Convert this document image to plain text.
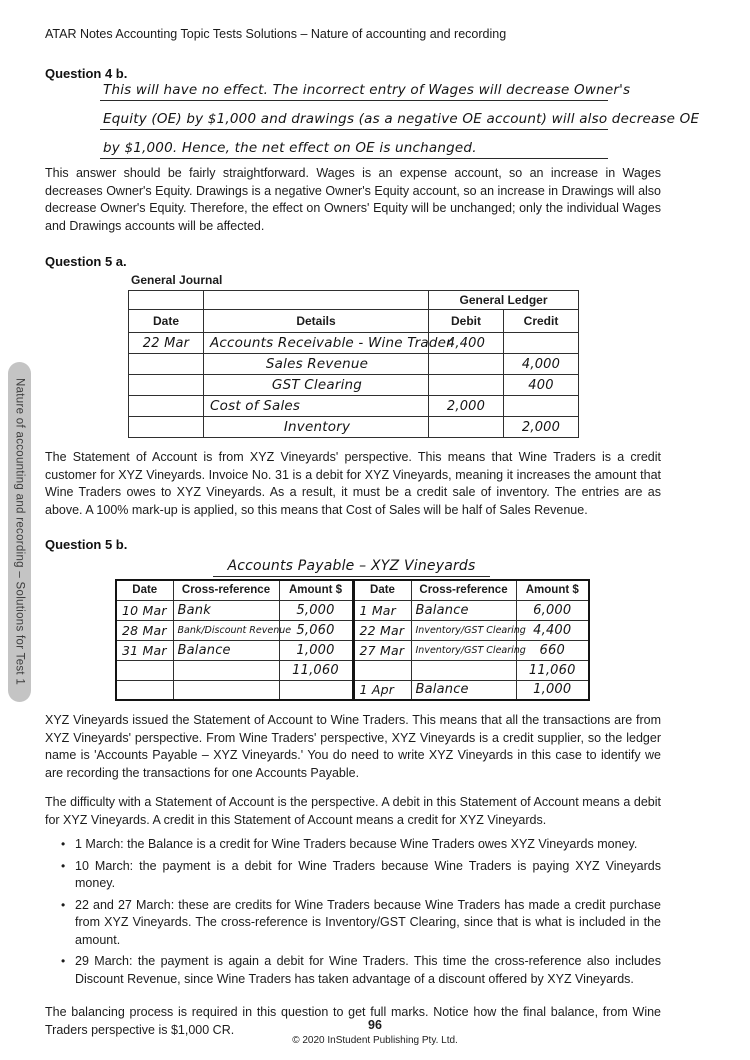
Nature of accounting and recording – Solutions for Test 1
ATAR Notes Accounting Topic Tests Solutions – Nature of accounting and recording
Question 4 b.
This will have no effect. The incorrect entry of Wages will decrease Owner's
Equity (OE) by $1,000 and drawings (as a negative OE account) will also decrease OE
by $1,000. Hence, the net effect on OE is unchanged.

This answer should be fairly straightforward. Wages is an expense account, so an increase in Wages decreases Owner's Equity. Drawings is a negative Owner's Equity account, so an increase in Drawings will also decrease Owner's Equity. Therefore, the effect on Owners' Equity will be unchanged; only the individual Wages and Drawings accounts will be affected.

Question 5 a.
General Journal
		General Ledger	
Date	Details	Debit	Credit
22 Mar	Accounts Receivable - Wine Trader	4,400	
	Sales Revenue		4,000
	GST Clearing		400
	Cost of Sales	2,000	
	Inventory		2,000

The Statement of Account is from XYZ Vineyards' perspective. This means that Wine Traders is a credit customer for XYZ Vineyards. Invoice No. 31 is a debit for XYZ Vineyards, meaning it increases the amount that Wine Traders owes to XYZ Vineyards. As a result, it must be a credit sale of inventory. The entries are as above. A 100% mark-up is applied, so this means that Cost of Sales will be half of Sales Revenue.

Question 5 b.
Accounts Payable – XYZ Vineyards
Date	Cross-reference	Amount $	Date	Cross-reference	Amount $
10 Mar	Bank	5,000	1 Mar	Balance	6,000
28 Mar	Bank/Discount Revenue	5,060	22 Mar	Inventory/GST Clearing	4,400
31 Mar	Balance	1,000	27 Mar	Inventory/GST Clearing	660
		11,060			11,060
			1 Apr	Balance	1,000

XYZ Vineyards issued the Statement of Account to Wine Traders. This means that all the transactions are from XYZ Vineyards' perspective. From Wine Traders' perspective, XYZ Vineyards is a credit supplier, so the ledger name is 'Accounts Payable – XYZ Vineyards.' You do need to write XYZ Vineyards in this case to identify we are recording the transactions for one Accounts Payable.

The difficulty with a Statement of Account is the perspective. A debit in this Statement of Account means a debit for XYZ Vineyards. A credit in this Statement of Account means a credit for XYZ Vineyards.

• 1 March: the Balance is a credit for Wine Traders because Wine Traders owes XYZ Vineyards money.
• 10 March: the payment is a debit for Wine Traders because Wine Traders is paying XYZ Vineyards money.
• 22 and 27 March: these are credits for Wine Traders because Wine Traders has made a credit purchase from XYZ Vineyards. The cross-reference is Inventory/GST Clearing, since that is what is included in the amount.
• 29 March: the payment is again a debit for Wine Traders. This time the cross-reference also includes Discount Revenue, since Wine Traders has taken advantage of a discount offered by XYZ Vineyards.

The balancing process is required in this question to get full marks. Notice how the final balance, from Wine Traders perspective is $1,000 CR.	96
© 2020 InStudent Publishing Pty. Ltd.
